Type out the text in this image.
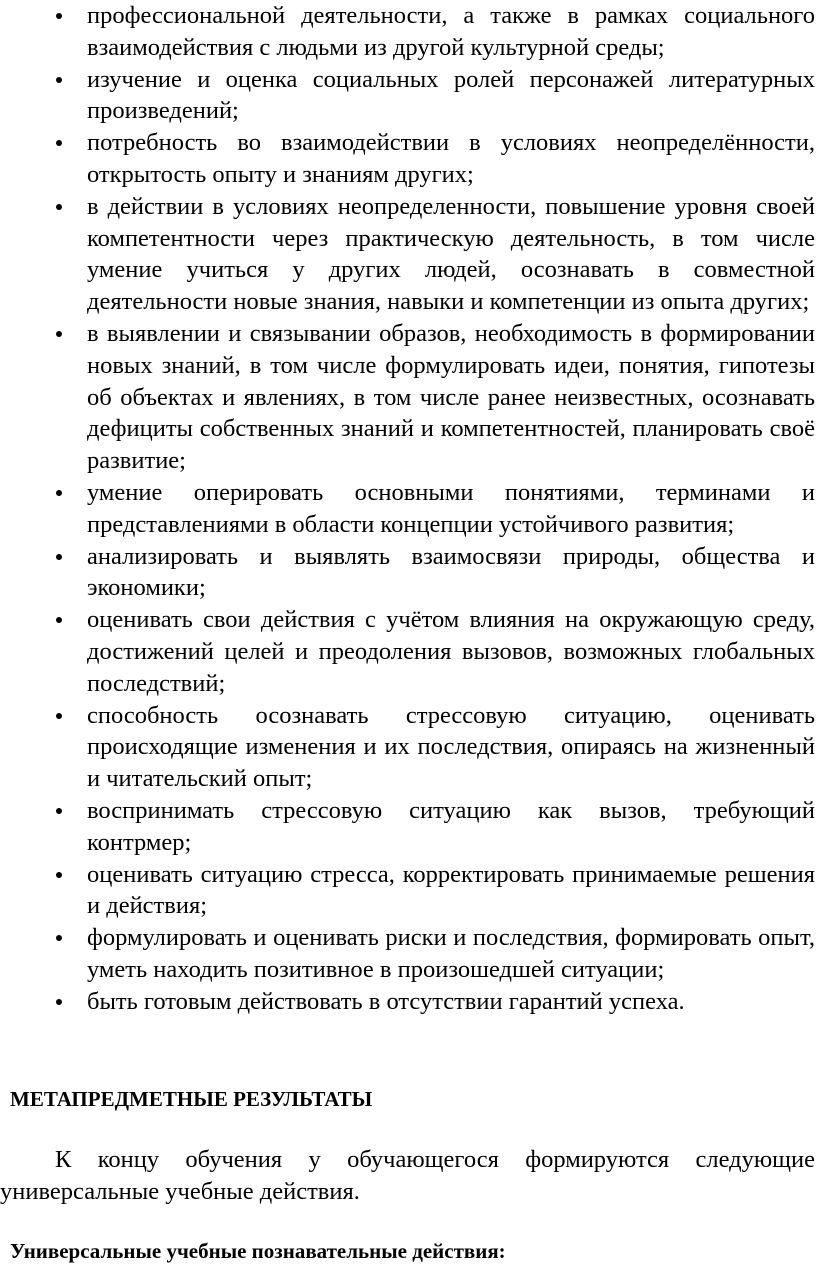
профессиональной деятельности, а также в рамках социального взаимодействия с людьми из другой культурной среды;
изучение и оценка социальных ролей персонажей литературных произведений;
потребность во взаимодействии в условиях неопределённости, открытость опыту и знаниям других;
в действии в условиях неопределенности, повышение уровня своей компетентности через практическую деятельность, в том числе умение учиться у других людей, осознавать в совместной деятельности новые знания, навыки и компетенции из опыта других;
в выявлении и связывании образов, необходимость в формировании новых знаний, в том числе формулировать идеи, понятия, гипотезы об объектах и явлениях, в том числе ранее неизвестных, осознавать дефициты собственных знаний и компетентностей, планировать своё развитие;
умение оперировать основными понятиями, терминами и представлениями в области концепции устойчивого развития;
анализировать и выявлять взаимосвязи природы, общества и экономики;
оценивать свои действия с учётом влияния на окружающую среду, достижений целей и преодоления вызовов, возможных глобальных последствий;
способность осознавать стрессовую ситуацию, оценивать происходящие изменения и их последствия, опираясь на жизненный и читательский опыт;
воспринимать стрессовую ситуацию как вызов, требующий контрмер;
оценивать ситуацию стресса, корректировать принимаемые решения и действия;
формулировать и оценивать риски и последствия, формировать опыт, уметь находить позитивное в произошедшей ситуации;
быть готовым действовать в отсутствии гарантий успеха.
МЕТАПРЕДМЕТНЫЕ РЕЗУЛЬТАТЫ

К концу обучения у обучающегося формируются следующие универсальные учебные действия.

Универсальные учебные познавательные действия:
